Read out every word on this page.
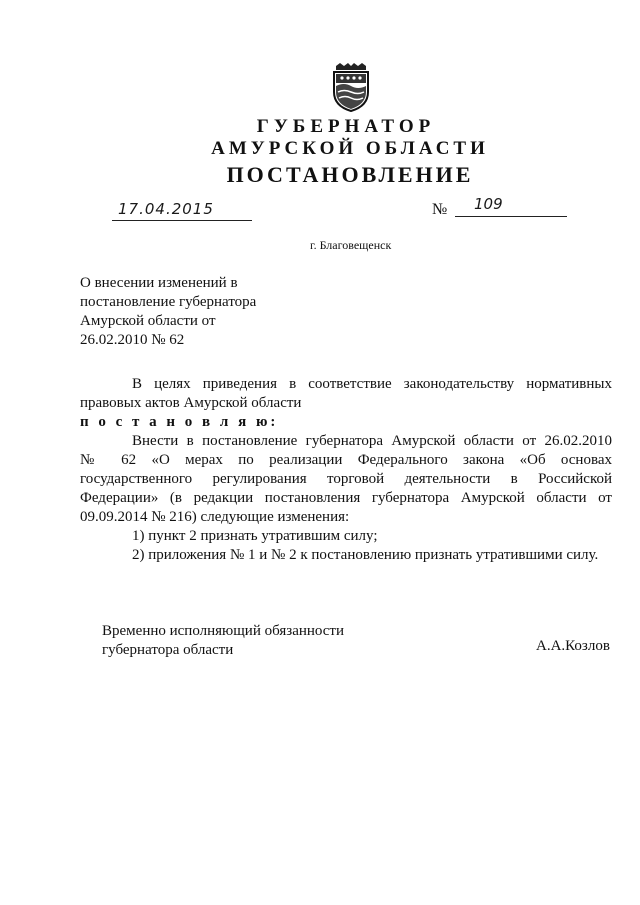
ГУБЕРНАТОР
АМУРСКОЙ ОБЛАСТИ
ПОСТАНОВЛЕНИЕ
17.04.2015	№ 109
г. Благовещенск
О внесении изменений в
постановление губернатора
Амурской области от
26.02.2010 № 62

В целях приведения в соответствие законодательству нормативных

правовых актов Амурской области

п о с т а н о в л я ю:

Внести в постановление губернатора Амурской области от 26.02.2010

№ 62 «О мерах по реализации Федерального закона «Об основах

государственного регулирования торговой деятельности в Российской

Федерации» (в редакции постановления губернатора Амурской области от

09.09.2014 № 216) следующие изменения:

1) пункт 2 признать утратившим силу;

2) приложения № 1 и № 2 к постановлению признать утратившими силу.

Временно исполняющий обязанности
губернатора области	А.А.Козлов
